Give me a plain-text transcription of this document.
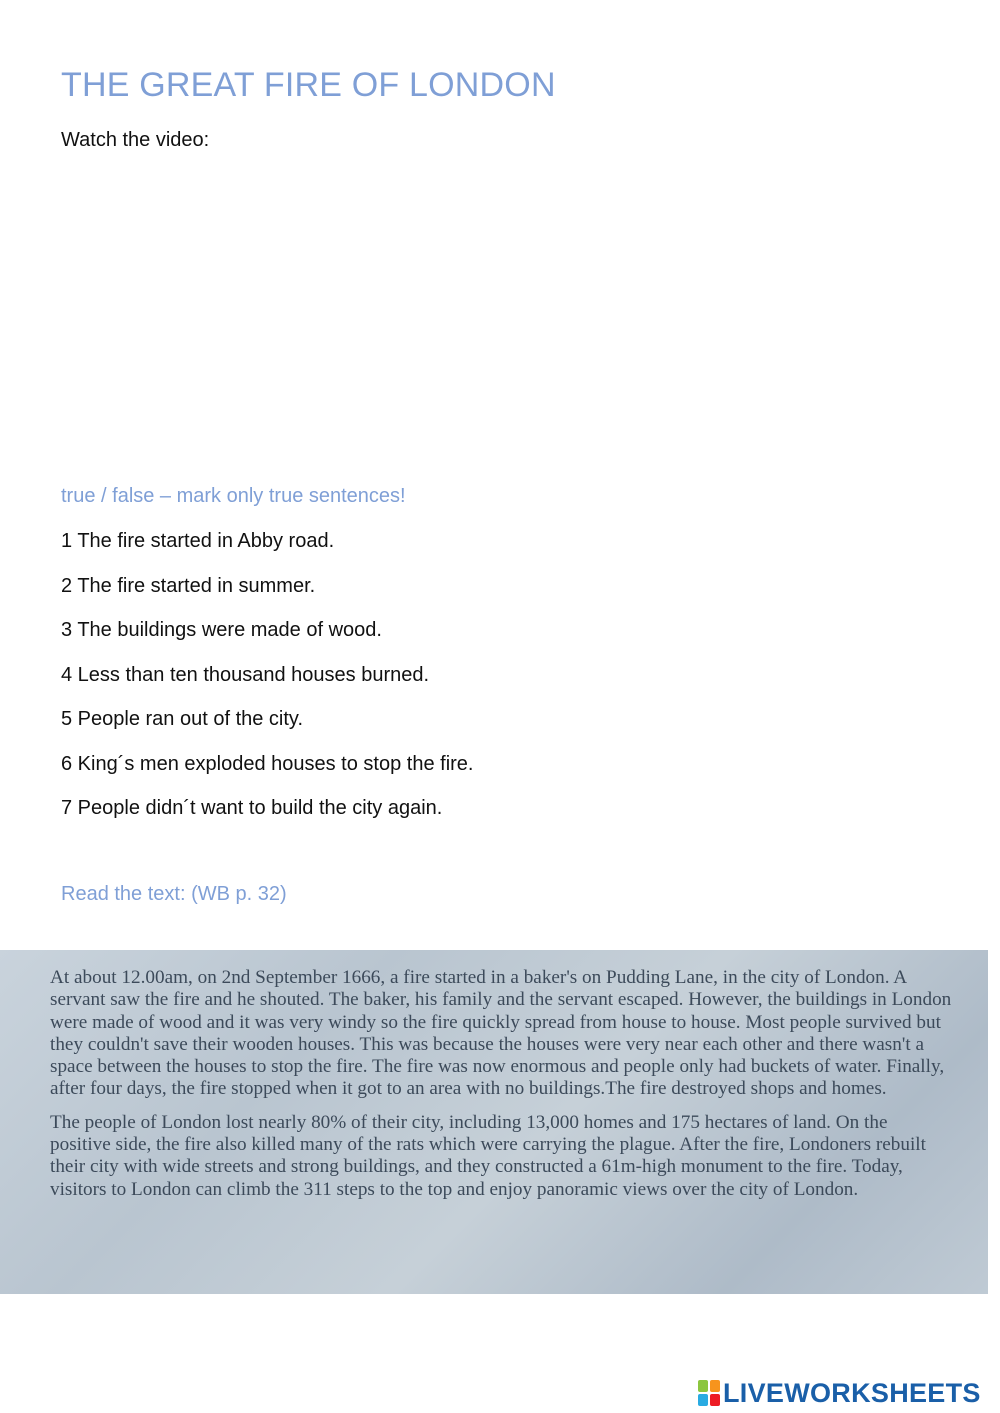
THE GREAT FIRE OF LONDON
Watch the video:
true / false – mark only true sentences!
1 The fire started in Abby road.
2 The fire started in summer.
3 The buildings were made of wood.
4 Less than ten thousand houses burned.
5 People ran out of the city.
6 King´s men exploded houses to stop the fire.
7 People didn´t want to build the city again.
Read the text: (WB p. 32)

At about 12.00am, on 2nd September 1666, a fire started in a baker's on Pudding Lane, in the city of London. A servant saw the fire and he shouted. The baker, his family and the servant escaped. However, the buildings in London were made of wood and it was very windy so the fire quickly spread from house to house. Most people survived but they couldn't save their wooden houses. This was because the houses were very near each other and there wasn't a space between the houses to stop the fire. The fire was now enormous and people only had buckets of water. Finally, after four days, the fire stopped when it got to an area with no buildings.The fire destroyed shops and homes.

The people of London lost nearly 80% of their city, including 13,000 homes and 175 hectares of land. On the positive side, the fire also killed many of the rats which were carrying the plague. After the fire, Londoners rebuilt their city with wide streets and strong buildings, and they constructed a 61m-high monument to the fire. Today, visitors to London can climb the 311 steps to the top and enjoy panoramic views over the city of London.

LIVEWORKSHEETS
